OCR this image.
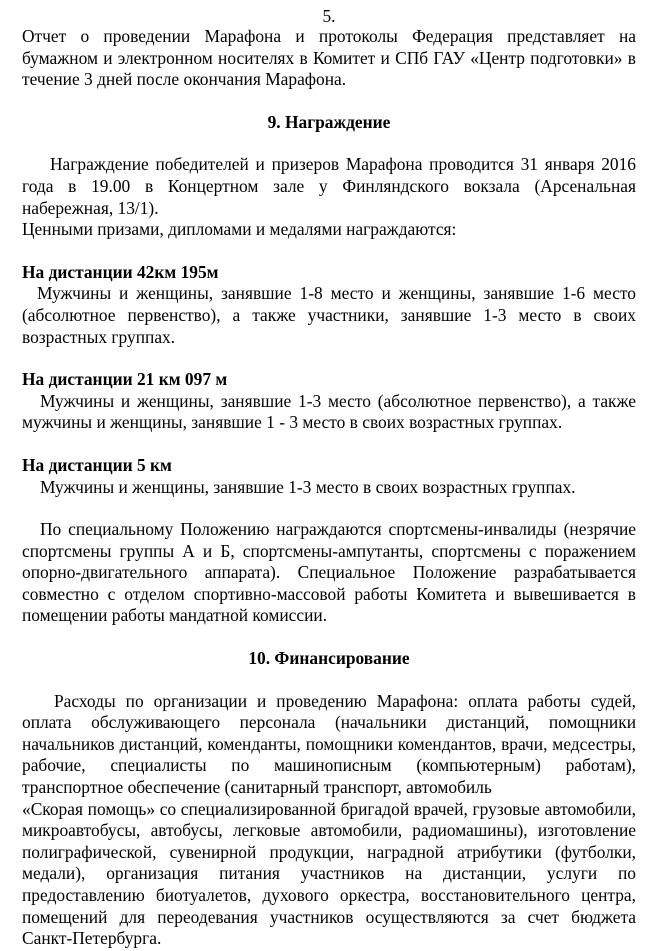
5.

Отчет о проведении Марафона и протоколы Федерация представляет на бумажном и электронном носителях в Комитет и СПб ГАУ «Центр подготовки» в течение 3 дней после окончания Марафона.

9. Награждение

Награждение победителей и призеров Марафона проводится 31 января 2016 года в 19.00 в Концертном зале у Финляндского вокзала (Арсенальная набережная, 13/1).

Ценными призами, дипломами и медалями награждаются:

На дистанции 42км 195м

Мужчины и женщины, занявшие 1-8 место и женщины, занявшие 1-6 место (абсолютное первенство), а также участники, занявшие 1-3 место в своих возрастных группах.

На дистанции 21 км 097 м

Мужчины и женщины, занявшие 1-3 место (абсолютное первенство), а также мужчины и женщины, занявшие 1 - 3 место в своих возрастных группах.

На дистанции 5 км

Мужчины и женщины, занявшие 1-3 место в своих возрастных группах.

По специальному Положению награждаются спортсмены-инвалиды (незрячие спортсмены группы А и Б, спортсмены-ампутанты, спортсмены с поражением опорно-двигательного аппарата). Специальное Положение разрабатывается совместно с отделом спортивно-массовой работы Комитета и вывешивается в помещении работы мандатной комиссии.

10. Финансирование

Расходы по организации и проведению Марафона: оплата работы судей, оплата обслуживающего персонала (начальники дистанций, помощники начальников дистанций, коменданты, помощники комендантов, врачи, медсестры, рабочие, специалисты по машинописным (компьютерным) работам), транспортное обеспечение (санитарный транспорт, автомобиль

«Скорая помощь» со специализированной бригадой врачей, грузовые автомобили, микроавтобусы, автобусы, легковые автомобили, радиомашины), изготовление полиграфической, сувенирной продукции, наградной атрибутики (футболки, медали), организация питания участников на дистанции, услуги по предоставлению биотуалетов, духового оркестра, восстановительного центра, помещений для переодевания участников осуществляются за счет бюджета Санкт-Петербурга.
